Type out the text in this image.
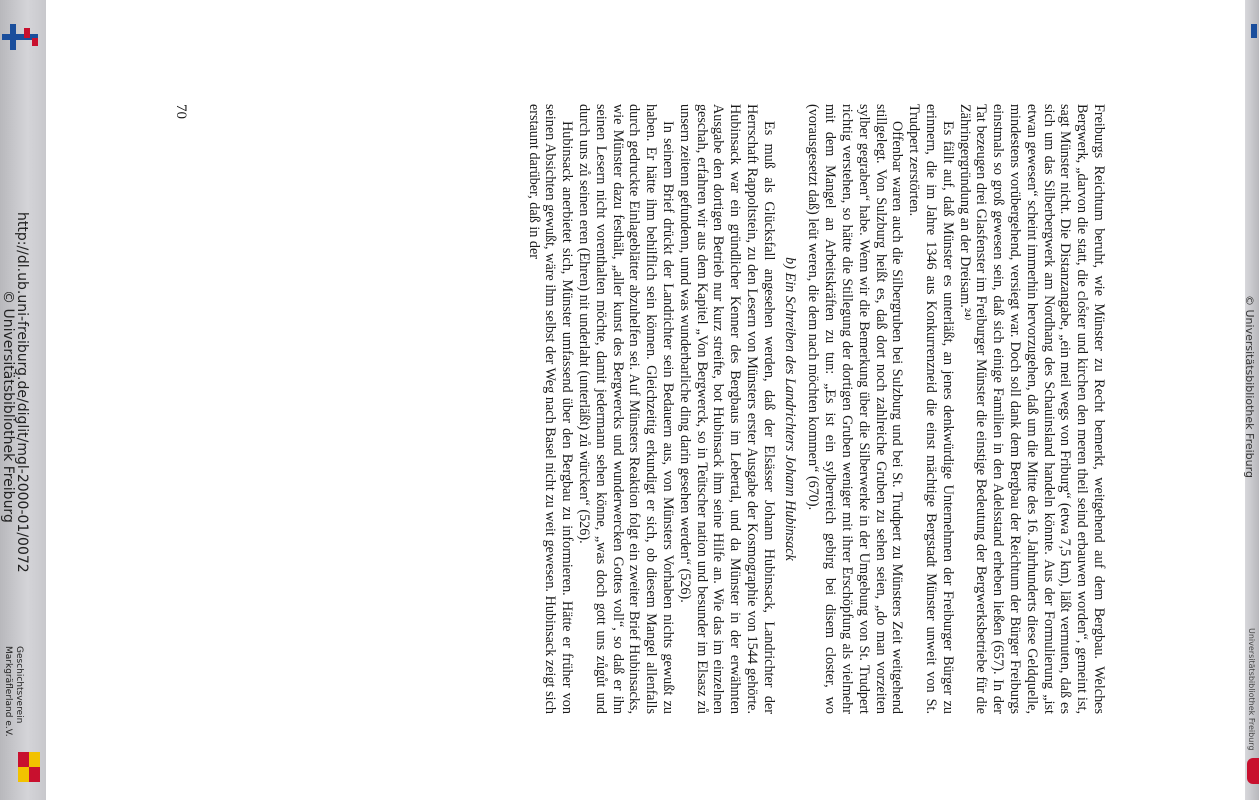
http://dl.ub.uni-freiburg.de/diglit/mgl-2000-01/0072
© Universitätsbibliothek Freiburg	© Universitätsbibliothek Freiburg
Universitätsbibliothek Freiburg
Geschichtsverein
Markgräflerland e.V.	Freiburgs Reichtum beruht, wie Münster zu Recht bemerkt, weitgehend auf dem Bergbau. Welches Bergwerk, „darvon die statt, die clo̊ster und kirchen den meren theil seind erbauwen worden“, gemeint ist, sagt Münster nicht. Die Distanzangabe, „ein meil wegs von Friburg“ (etwa 7,5 km), läßt vermuten, daß es sich um das Silberbergwerk am Nordhang des Schauinsland handeln könnte. Aus der Formulierung „ist etwan gewesen“ scheint immerhin hervorzugehen, daß um die Mitte des 16. Jahrhunderts diese Geldquelle, mindestens vorübergehend, versiegt war. Doch soll dank dem Bergbau der Reichtum der Bürger Freiburgs einstmals so groß gewesen sein, daß sich einige Familien in den Adelsstand erheben ließen (657). In der Tat bezeugen drei Glasfenster im Freiburger Münster die einstige Bedeutung der Bergwerksbetriebe für die Zähringergründung an der Dreisam.²⁴⁾

Es fällt auf, daß Münster es unterläßt, an jenes denkwürdige Unternehmen der Freiburger Bürger zu erinnern, die im Jahre 1346 aus Konkurrenzneid die einst mächtige Bergstadt Münster unweit von St. Trudpert zerstörten.

Offenbar waren auch die Silbergruben bei Sulzburg und bei St. Trudpert zu Münsters Zeit weitgehend stillgelegt. Von Sulzburg heißt es, daß dort noch zahlreiche Gruben zu sehen seien, „do man vorzeiten sylber gegraben“ habe. Wenn wir die Bemerkung über die Silberwerke in der Umgebung von St. Trudpert richtig verstehen, so hätte die Stillegung der dortigen Gruben weniger mit ihrer Erschöpfung als vielmehr mit dem Mangel an Arbeitskräften zu tun: „Es ist ein sylberreich gebirg bei disem closter, wo (vorausgesetzt daß) leüt weren, die dem nach möchten kommen“ (670).

b) Ein Schreiben des Landrichters Johann Hubinsack

Es muß als Glücksfall angesehen werden, daß der Elsässer Johann Hubinsack, Landrichter der Herrschaft Rappoltstein, zu den Lesern von Münsters erster Ausgabe der Kosmographie von 1544 gehörte. Hubinsack war ein gründlicher Kenner des Bergbaus im Lebertal, und da Münster in der erwähnten Ausgabe den dortigen Betrieb nur kurz streifte, bot Hubinsack ihm seine Hilfe an. Wie das im einzelnen geschah, erfahren wir aus dem Kapitel „Von Bergwerck, so in Teütscher nation und besunder im Elsasz zů unsern zeitenn gefundenn, unnd was wunderbarliche ding darin gesehen werden“ (526).

In seinem Brief drückt der Landrichter sein Bedauern aus, von Münsters Vorhaben nichts gewußt zu haben. Er hätte ihm behilflich sein können. Gleichzeitig erkundigt er sich, ob diesem Mangel allenfalls durch gedruckte Einlageblätter abzuhelfen sei. Auf Münsters Reaktion folgt ein zweiter Brief Hubinsacks, wie Münster dazu festhält, „aller kunst des Bergwercks und wunderwercken Gottes voll“, so daß er ihn seinen Lesern nicht vorenthalten möchte, damit jedermann sehen könne, „was doch gott uns zůgůt und durch uns zů seinen eren (Ehren) nit underlaht (unterläßt) zů würcken“ (526).

Hubinsack anerbietet sich, Münster umfassend über den Bergbau zu informieren. Hätte er früher von seinen Absichten gewußt, wäre ihm selbst der Weg nach Basel nicht zu weit gewesen. Hubinsack zeigt sich erstaunt darüber, daß in der

70
